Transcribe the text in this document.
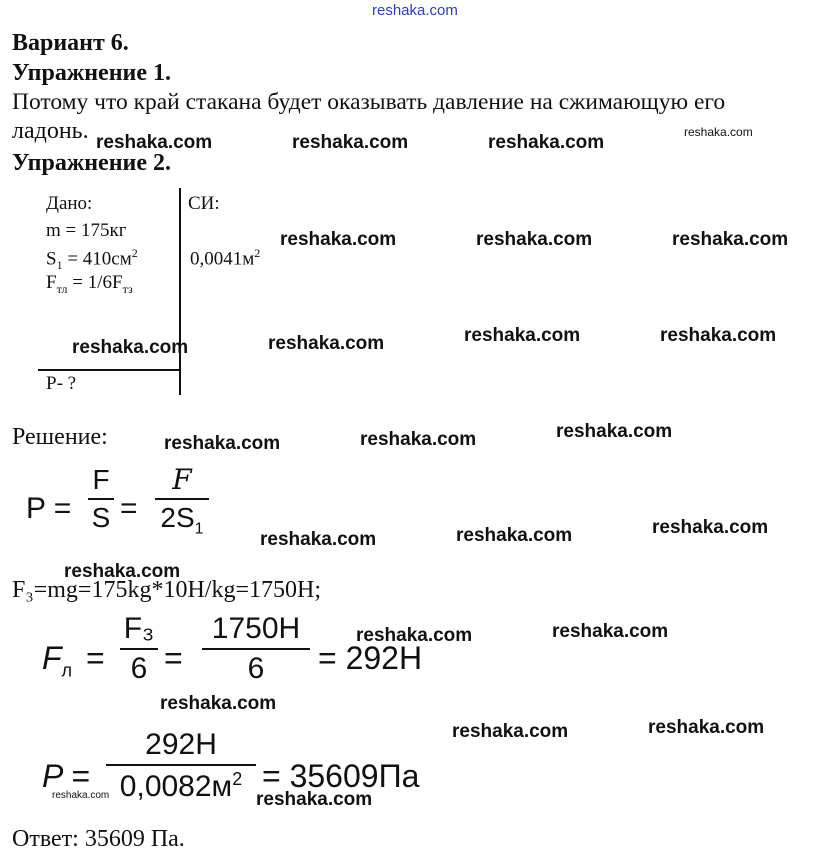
reshaka.com
Вариант 6.
Упражнение 1.
Потому что край стакана будет оказывать давление на сжимающую его
ладонь.
Упражнение 2.
Дано:	СИ:
m = 175кг
$S_1 = 410см^2$	$0,0041м^2$
$F_{тл} = 1/6F_{тз}$
P- ?
Решение:
P =
F
S =
F
$2S_1$
F₃=mg=175kg*10H/kg=1750H;
$F_л$ =
F₃
6 =
1750H
6 = 292Н
P =
292Н
$0,0082м^2 = 35609Па$
Ответ: 35609 Па.
reshaka.com	reshaka.com	reshaka.com	reshaka.com
reshaka.com	reshaka.com	reshaka.com
reshaka.com	reshaka.com	reshaka.com	reshaka.com
reshaka.com	reshaka.com	reshaka.com
reshaka.com	reshaka.com	reshaka.com
reshaka.com
reshaka.com	reshaka.com
reshaka.com
reshaka.com	reshaka.com
reshaka.com	reshaka.com
